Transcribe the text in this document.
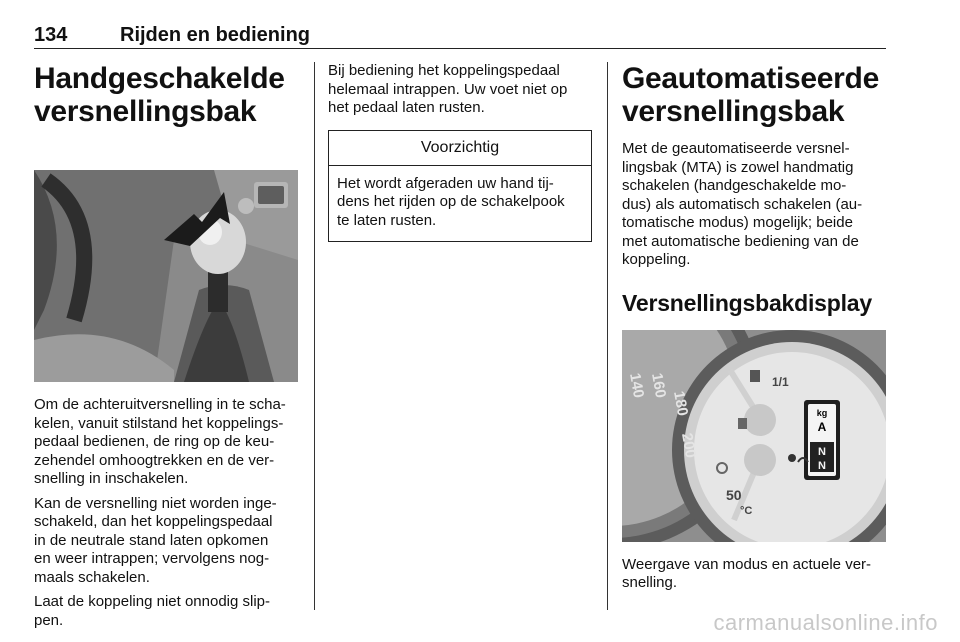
134	Rijden en bediening
Handgeschakelde
versnellingsbak

Om de achteruitversnelling in te scha-
kelen, vanuit stilstand het koppelings-
pedaal bedienen, de ring op de keu-
zehendel omhoogtrekken en de ver-
snelling in inschakelen.

Kan de versnelling niet worden inge-
schakeld, dan het koppelingspedaal
in de neutrale stand laten opkomen
en weer intrappen; vervolgens nog-
maals schakelen.

Laat de koppeling niet onnodig slip-
pen.

Bij bediening het koppelingspedaal
helemaal intrappen. Uw voet niet op
het pedaal laten rusten.

Voorzichtig

Het wordt afgeraden uw hand tij-
dens het rijden op de schakelpook
te laten rusten.

Geautomatiseerde
versnellingsbak

Met de geautomatiseerde versnel-
lingsbak (MTA) is zowel handmatig
schakelen (handgeschakelde mo-
dus) als automatisch schakelen (au-
tomatische modus) mogelijk; beide
met automatische bediening van de
koppeling.

Versnellingsbakdisplay
kg
A
N
N
140 160
180
200
1/1
50
°C

Weergave van modus en actuele ver-
snelling.

carmanualsonline.info
